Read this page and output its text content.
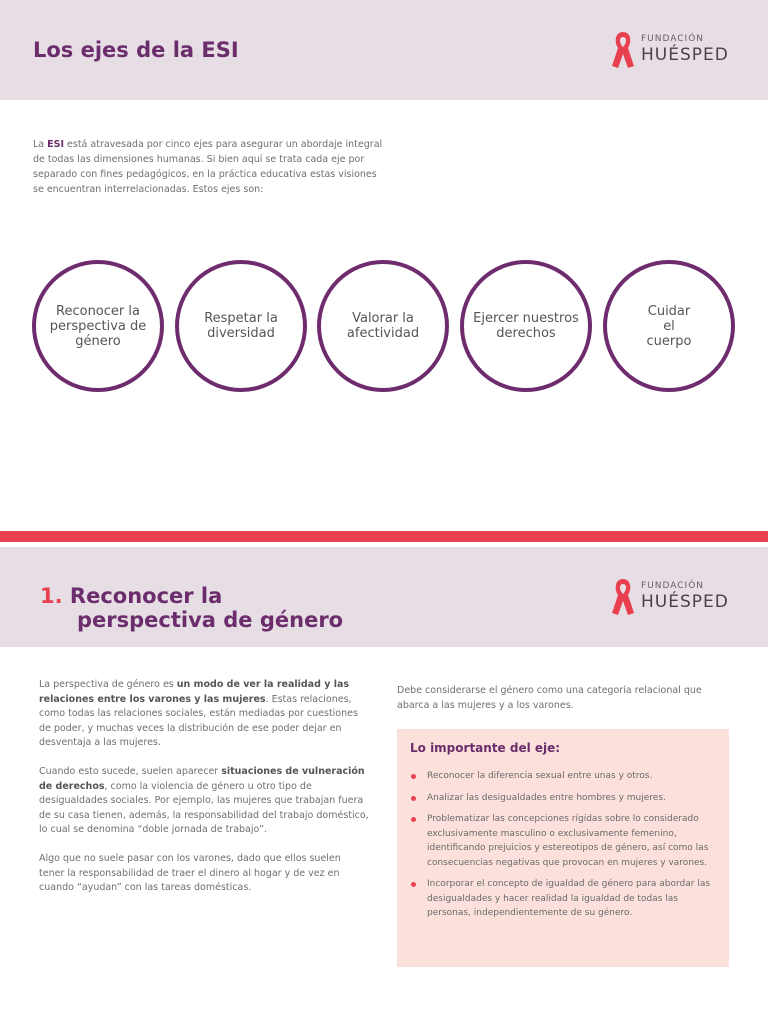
Los ejes de la ESI	FUNDACIÓN
HUÉSPED
La ESI está atravesada por cinco ejes para asegurar un abordaje integral de todas las dimensiones humanas. Si bien aquí se trata cada eje por separado con fines pedagógicos, en la práctica educativa estas visiones se encuentran interrelacionadas. Estos ejes son:
Reconocer la
perspectiva de
género
Respetar la
diversidad
Valorar la
afectividad
Ejercer nuestros
derechos
Cuidar
el
cuerpo
FUNDACIÓN
HUÉSPED
1. Reconocer la
perspectiva de género

La perspectiva de género es un modo de ver la realidad y las relaciones entre los varones y las mujeres. Estas relaciones, como todas las relaciones sociales, están mediadas por cuestiones de poder, y muchas veces la distribución de ese poder dejar en desventaja a las mujeres.

Cuando esto sucede, suelen aparecer situaciones de vulneración de derechos, como la violencia de género u otro tipo de desigualdades sociales. Por ejemplo, las mujeres que trabajan fuera de su casa tienen, además, la responsabilidad del trabajo doméstico, lo cual se denomina “doble jornada de trabajo”.

Algo que no suele pasar con los varones, dado que ellos suelen tener la responsabilidad de traer el dinero al hogar y de vez en cuando “ayudan” con las tareas domésticas.

Debe considerarse el género como una categoría relacional que abarca a las mujeres y a los varones.
Lo importante del eje:
Reconocer la diferencia sexual entre unas y otros.
Analizar las desigualdades entre hombres y mujeres.
Problematizar las concepciones rígidas sobre lo considerado exclusivamente masculino o exclusivamente femenino, identificando prejuicios y estereotipos de género, así como las consecuencias negativas que provocan en mujeres y varones.
Incorporar el concepto de igualdad de género para abordar las desigualdades y hacer realidad la igualdad de todas las personas, independientemente de su género.
